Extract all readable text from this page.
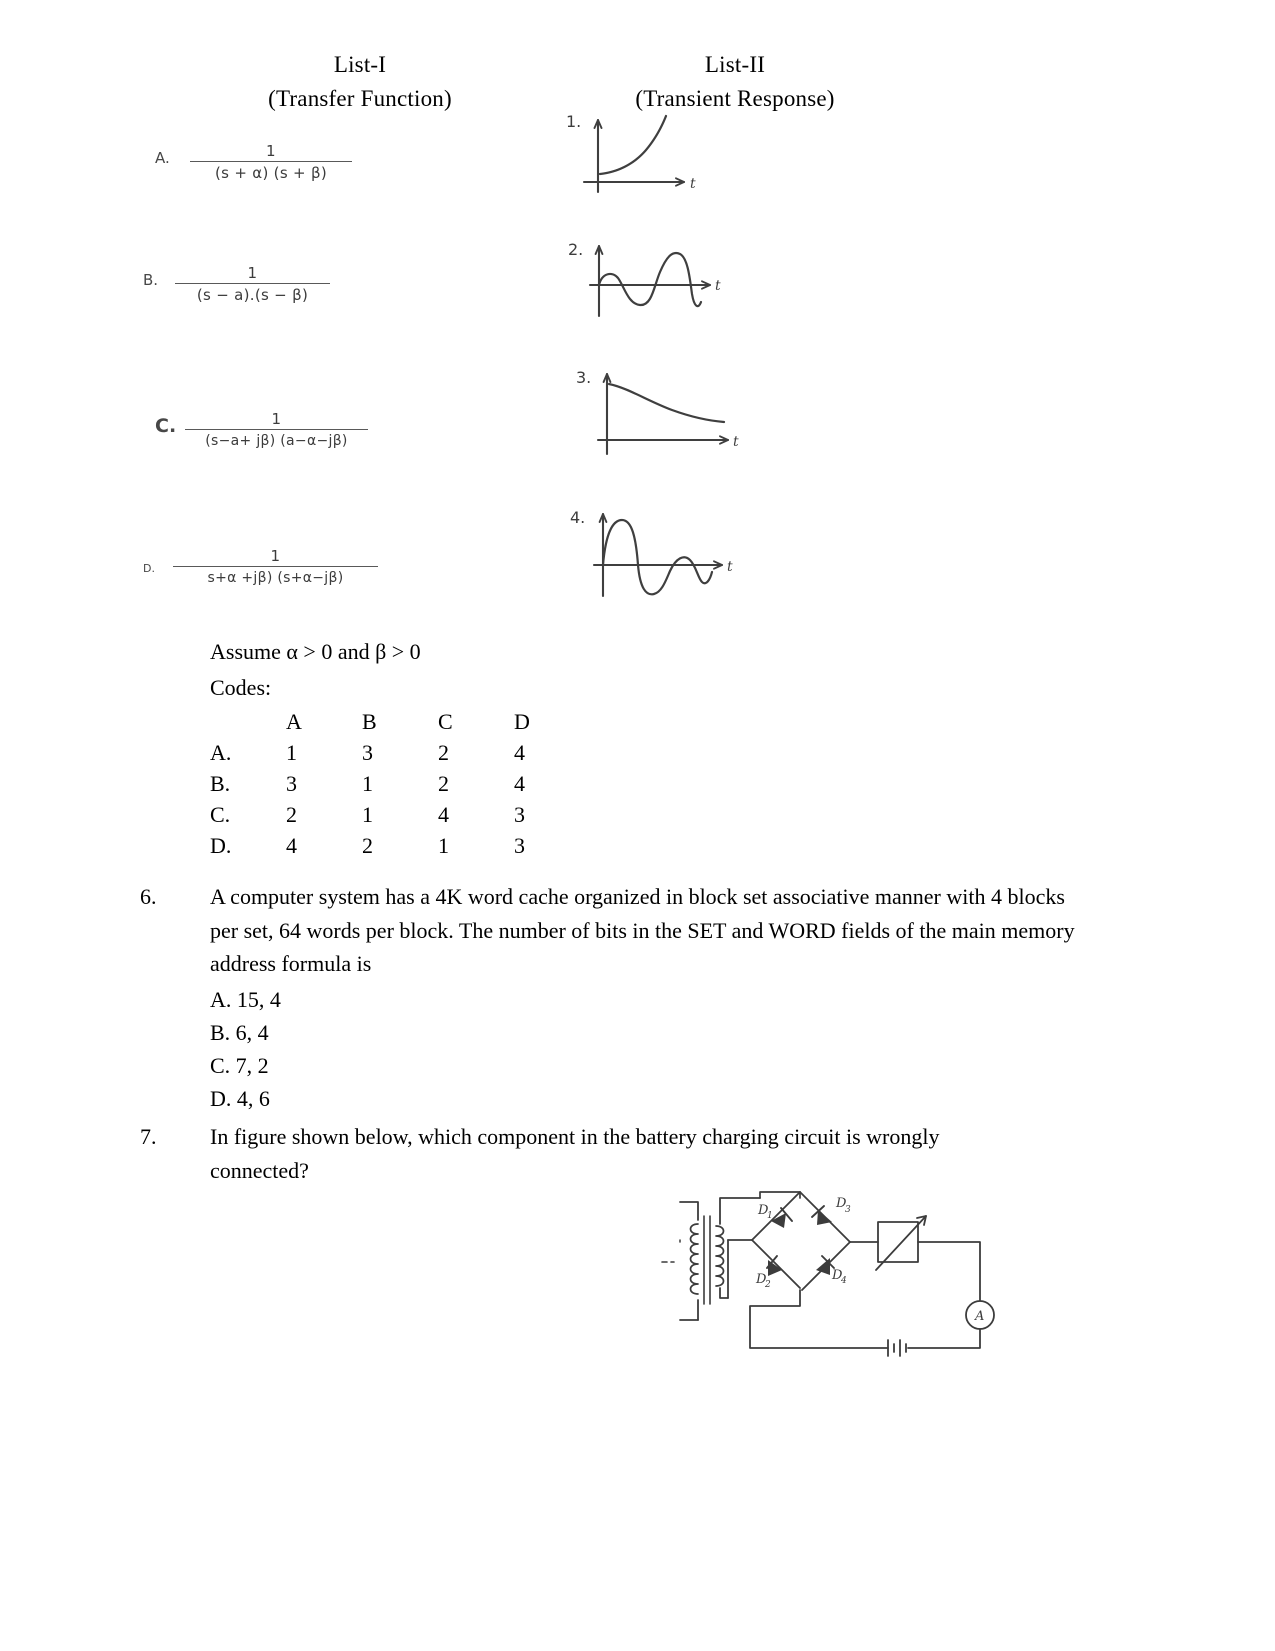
List-I
(Transfer Function)
List-II
(Transient Response)
A.	1
(s + α) (s + β)
B.	1
(s − a).(s − β)
C.	1
(s−a+ jβ) (a−α−jβ)
D.
1
s+α +jβ) (s+α−jβ)
1.
t
2.
t
3.
t
4.
t
Assume α > 0 and β > 0
Codes:
	A	B	C	D
A.	1	3	2	4
B.	3	1	2	4
C.	2	1	4	3
D.	4	2	1	3
6. A computer system has a 4K word cache organized in block set associative manner with 4 blocks per set, 64 words per block. The number of bits in the SET and WORD fields of the main memory address formula is
A. 15, 4
B. 6, 4
C. 7, 2
D. 4, 6
7. In figure shown below, which component in the battery charging circuit is wrongly connected?
D
1
D
3
D
2
D
4
A
